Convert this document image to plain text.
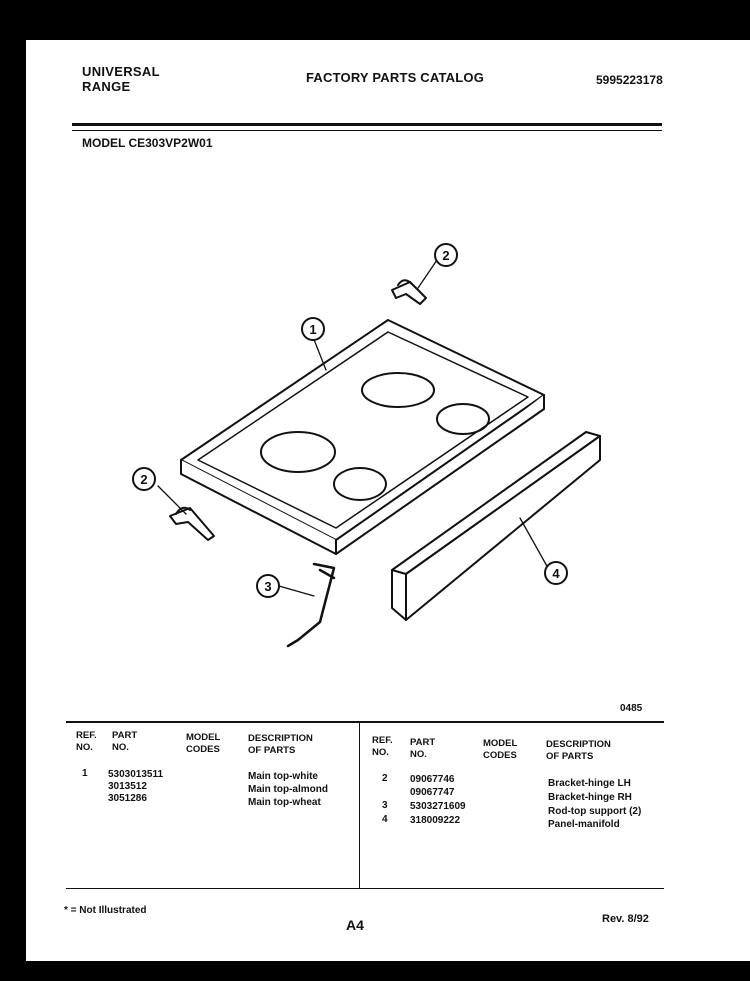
UNIVERSAL
RANGE
FACTORY PARTS CATALOG	5995223178
MODEL CE303VP2W01
1
2
2
3
4
0485
REF.
NO.
PART
NO.
MODEL
CODES
DESCRIPTION
OF PARTS
REF.
NO.
PART
NO.
MODEL
CODES
DESCRIPTION
OF PARTS
1 5303013511	Main top-white
3013512	Main top-almond
3051286	Main top-wheat
2 09067746	Bracket-hinge LH
09067747	Bracket-hinge RH
3 5303271609	Rod-top support (2)
4 318009222	Panel-manifold
* = Not Illustrated
A4	Rev. 8/92
